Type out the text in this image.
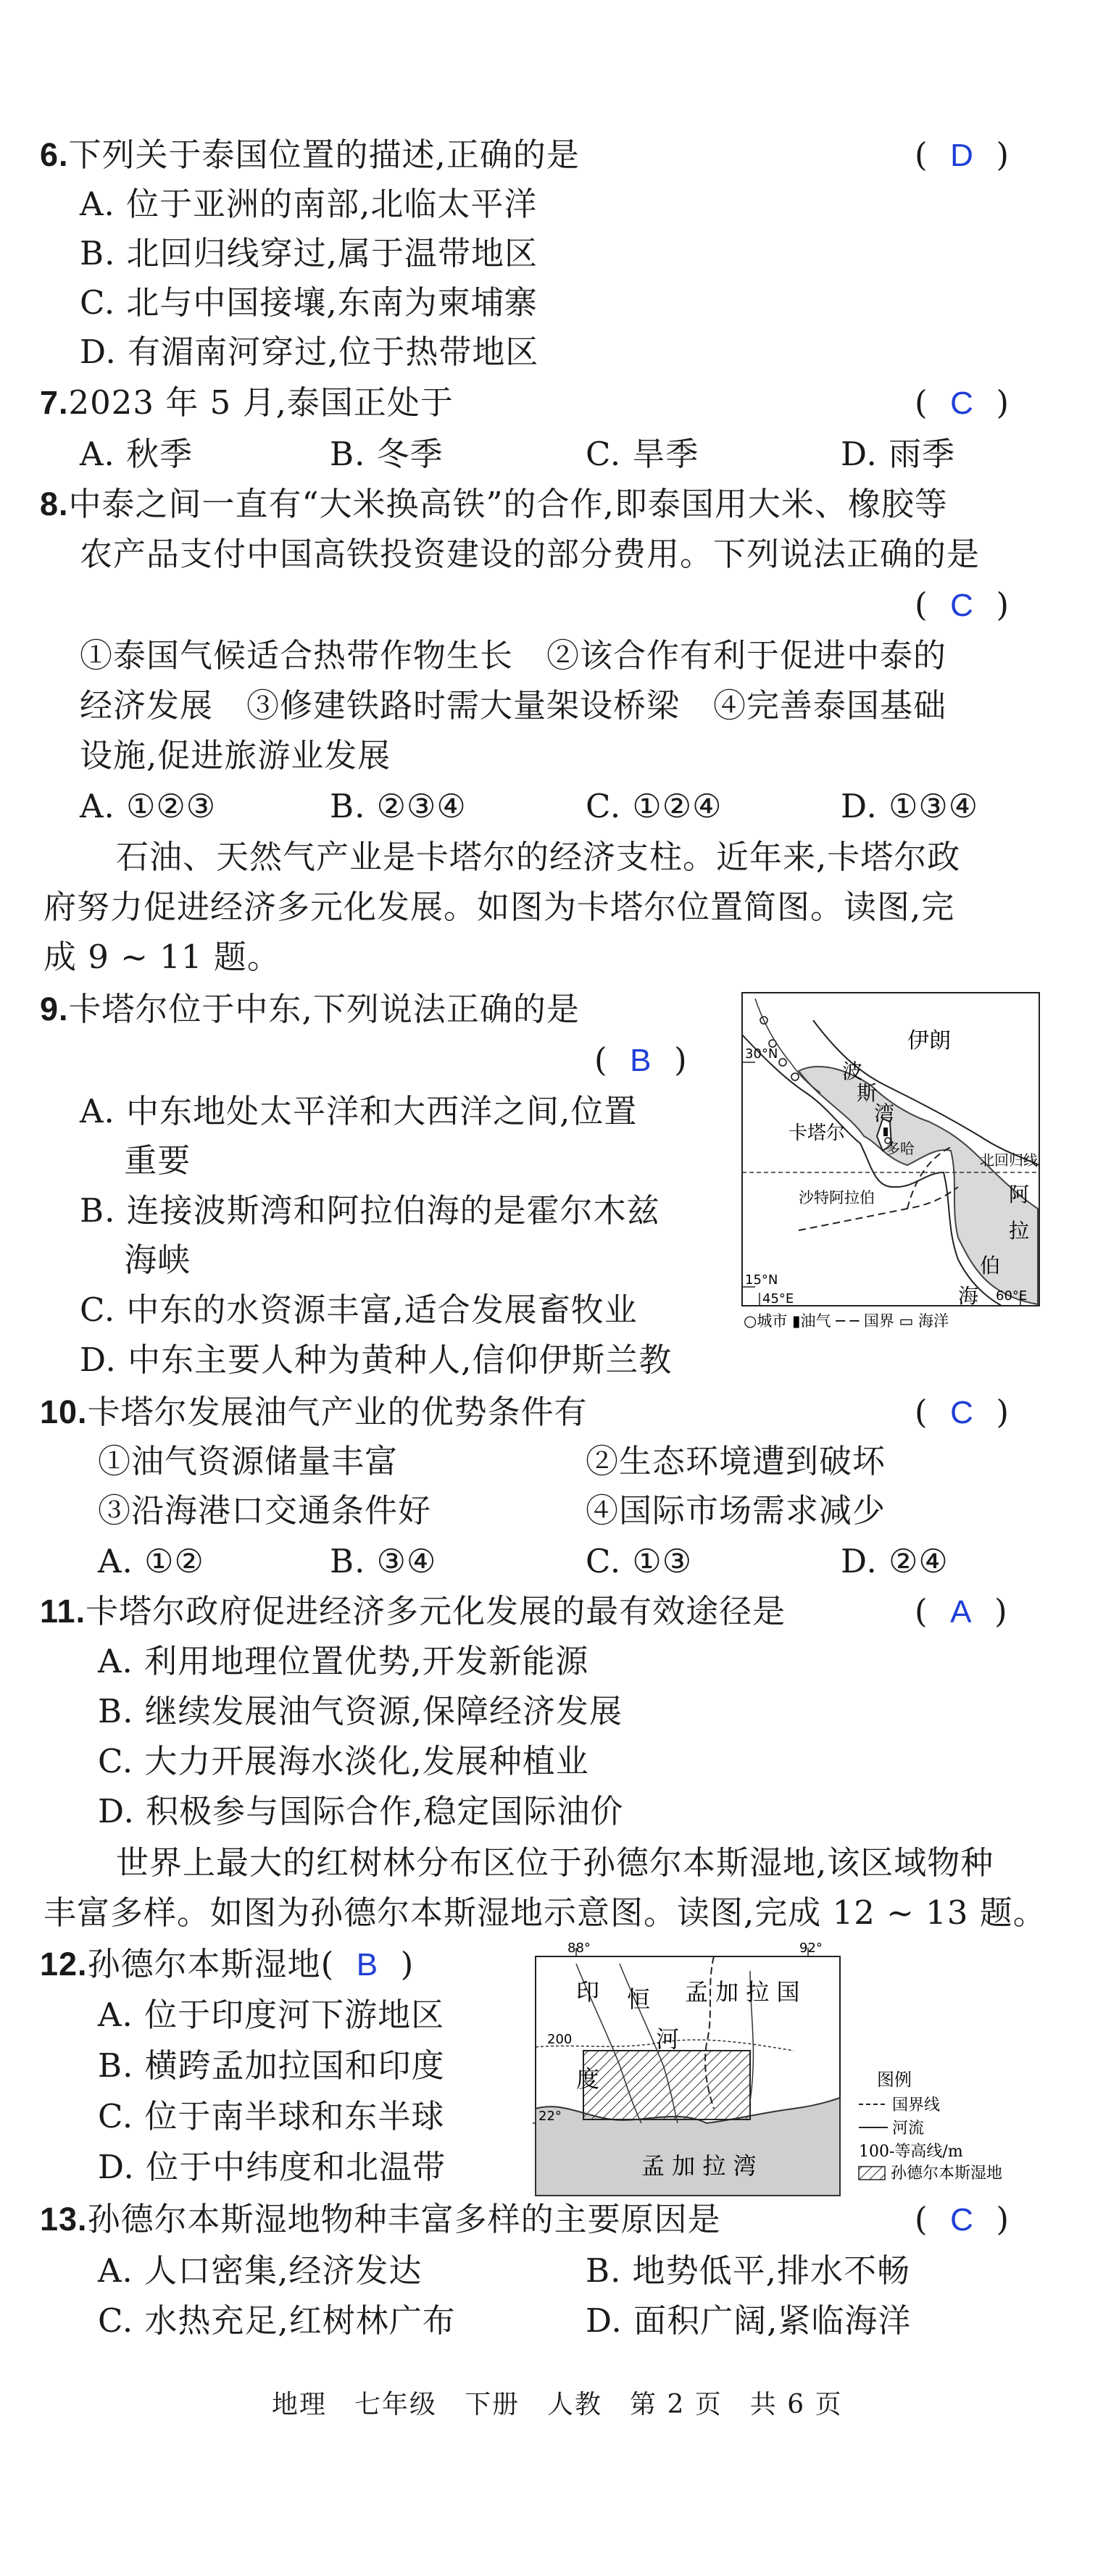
6.下列关于泰国位置的描述,正确的是	(  D  )
A. 位于亚洲的南部,北临太平洋
B. 北回归线穿过,属于温带地区
C. 北与中国接壤,东南为柬埔寨
D. 有湄南河穿过,位于热带地区
7.2023 年 5 月,泰国正处于	(  C  )
A. 秋季	B. 冬季	C. 旱季	D. 雨季
8.中泰之间一直有“大米换高铁”的合作,即泰国用大米、橡胶等
农产品支付中国高铁投资建设的部分费用。下列说法正确的是
(  C  )
①泰国气候适合热带作物生长　②该合作有利于促进中泰的
经济发展　③修建铁路时需大量架设桥梁　④完善泰国基础
设施,促进旅游业发展
A. ①②③	B. ②③④	C. ①②④	D. ①③④
石油、天然气产业是卡塔尔的经济支柱。近年来,卡塔尔政
府努力促进经济多元化发展。如图为卡塔尔位置简图。读图,完
成 9 ~ 11 题。
9.卡塔尔位于中东,下列说法正确的是
(  B  )
A. 中东地处太平洋和大西洋之间,位置
　 重要
B. 连接波斯湾和阿拉伯海的是霍尔木兹
　 海峡
C. 中东的水资源丰富,适合发展畜牧业
D. 中东主要人种为黄种人,信仰伊斯兰教
伊朗
波
斯
湾
卡塔尔
多哈
北回归线
沙特阿拉伯	阿
拉
伯
海
30°N
15°N
45°E	60°E
○城市 ▮油气 ─ ─ 国界 ▭ 海洋
10.卡塔尔发展油气产业的优势条件有	(  C  )
①油气资源储量丰富	②生态环境遭到破坏
③沿海港口交通条件好	④国际市场需求减少
A. ①②	B. ③④	C. ①③	D. ②④
11.卡塔尔政府促进经济多元化发展的最有效途径是	(  A  )
A. 利用地理位置优势,开发新能源
B. 继续发展油气资源,保障经济发展
C. 大力开展海水淡化,发展种植业
D. 积极参与国际合作,稳定国际油价
世界上最大的红树林分布区位于孙德尔本斯湿地,该区域物种
丰富多样。如图为孙德尔本斯湿地示意图。读图,完成 12 ~ 13 题。
12.孙德尔本斯湿地( B )
A. 位于印度河下游地区
B. 横跨孟加拉国和印度
C. 位于南半球和东半球
D. 位于中纬度和北温带
88°	92°
22°
孟 加 拉 国
印
度
恒
河
200
孟 加 拉 湾
图例
国界线
河流
100-等高线/m
孙德尔本斯湿地
13.孙德尔本斯湿地物种丰富多样的主要原因是	(  C  )
A. 人口密集,经济发达	B. 地势低平,排水不畅
C. 水热充足,红树林广布	D. 面积广阔,紧临海洋
地理　七年级　下册　人教　第 2 页　共 6 页
